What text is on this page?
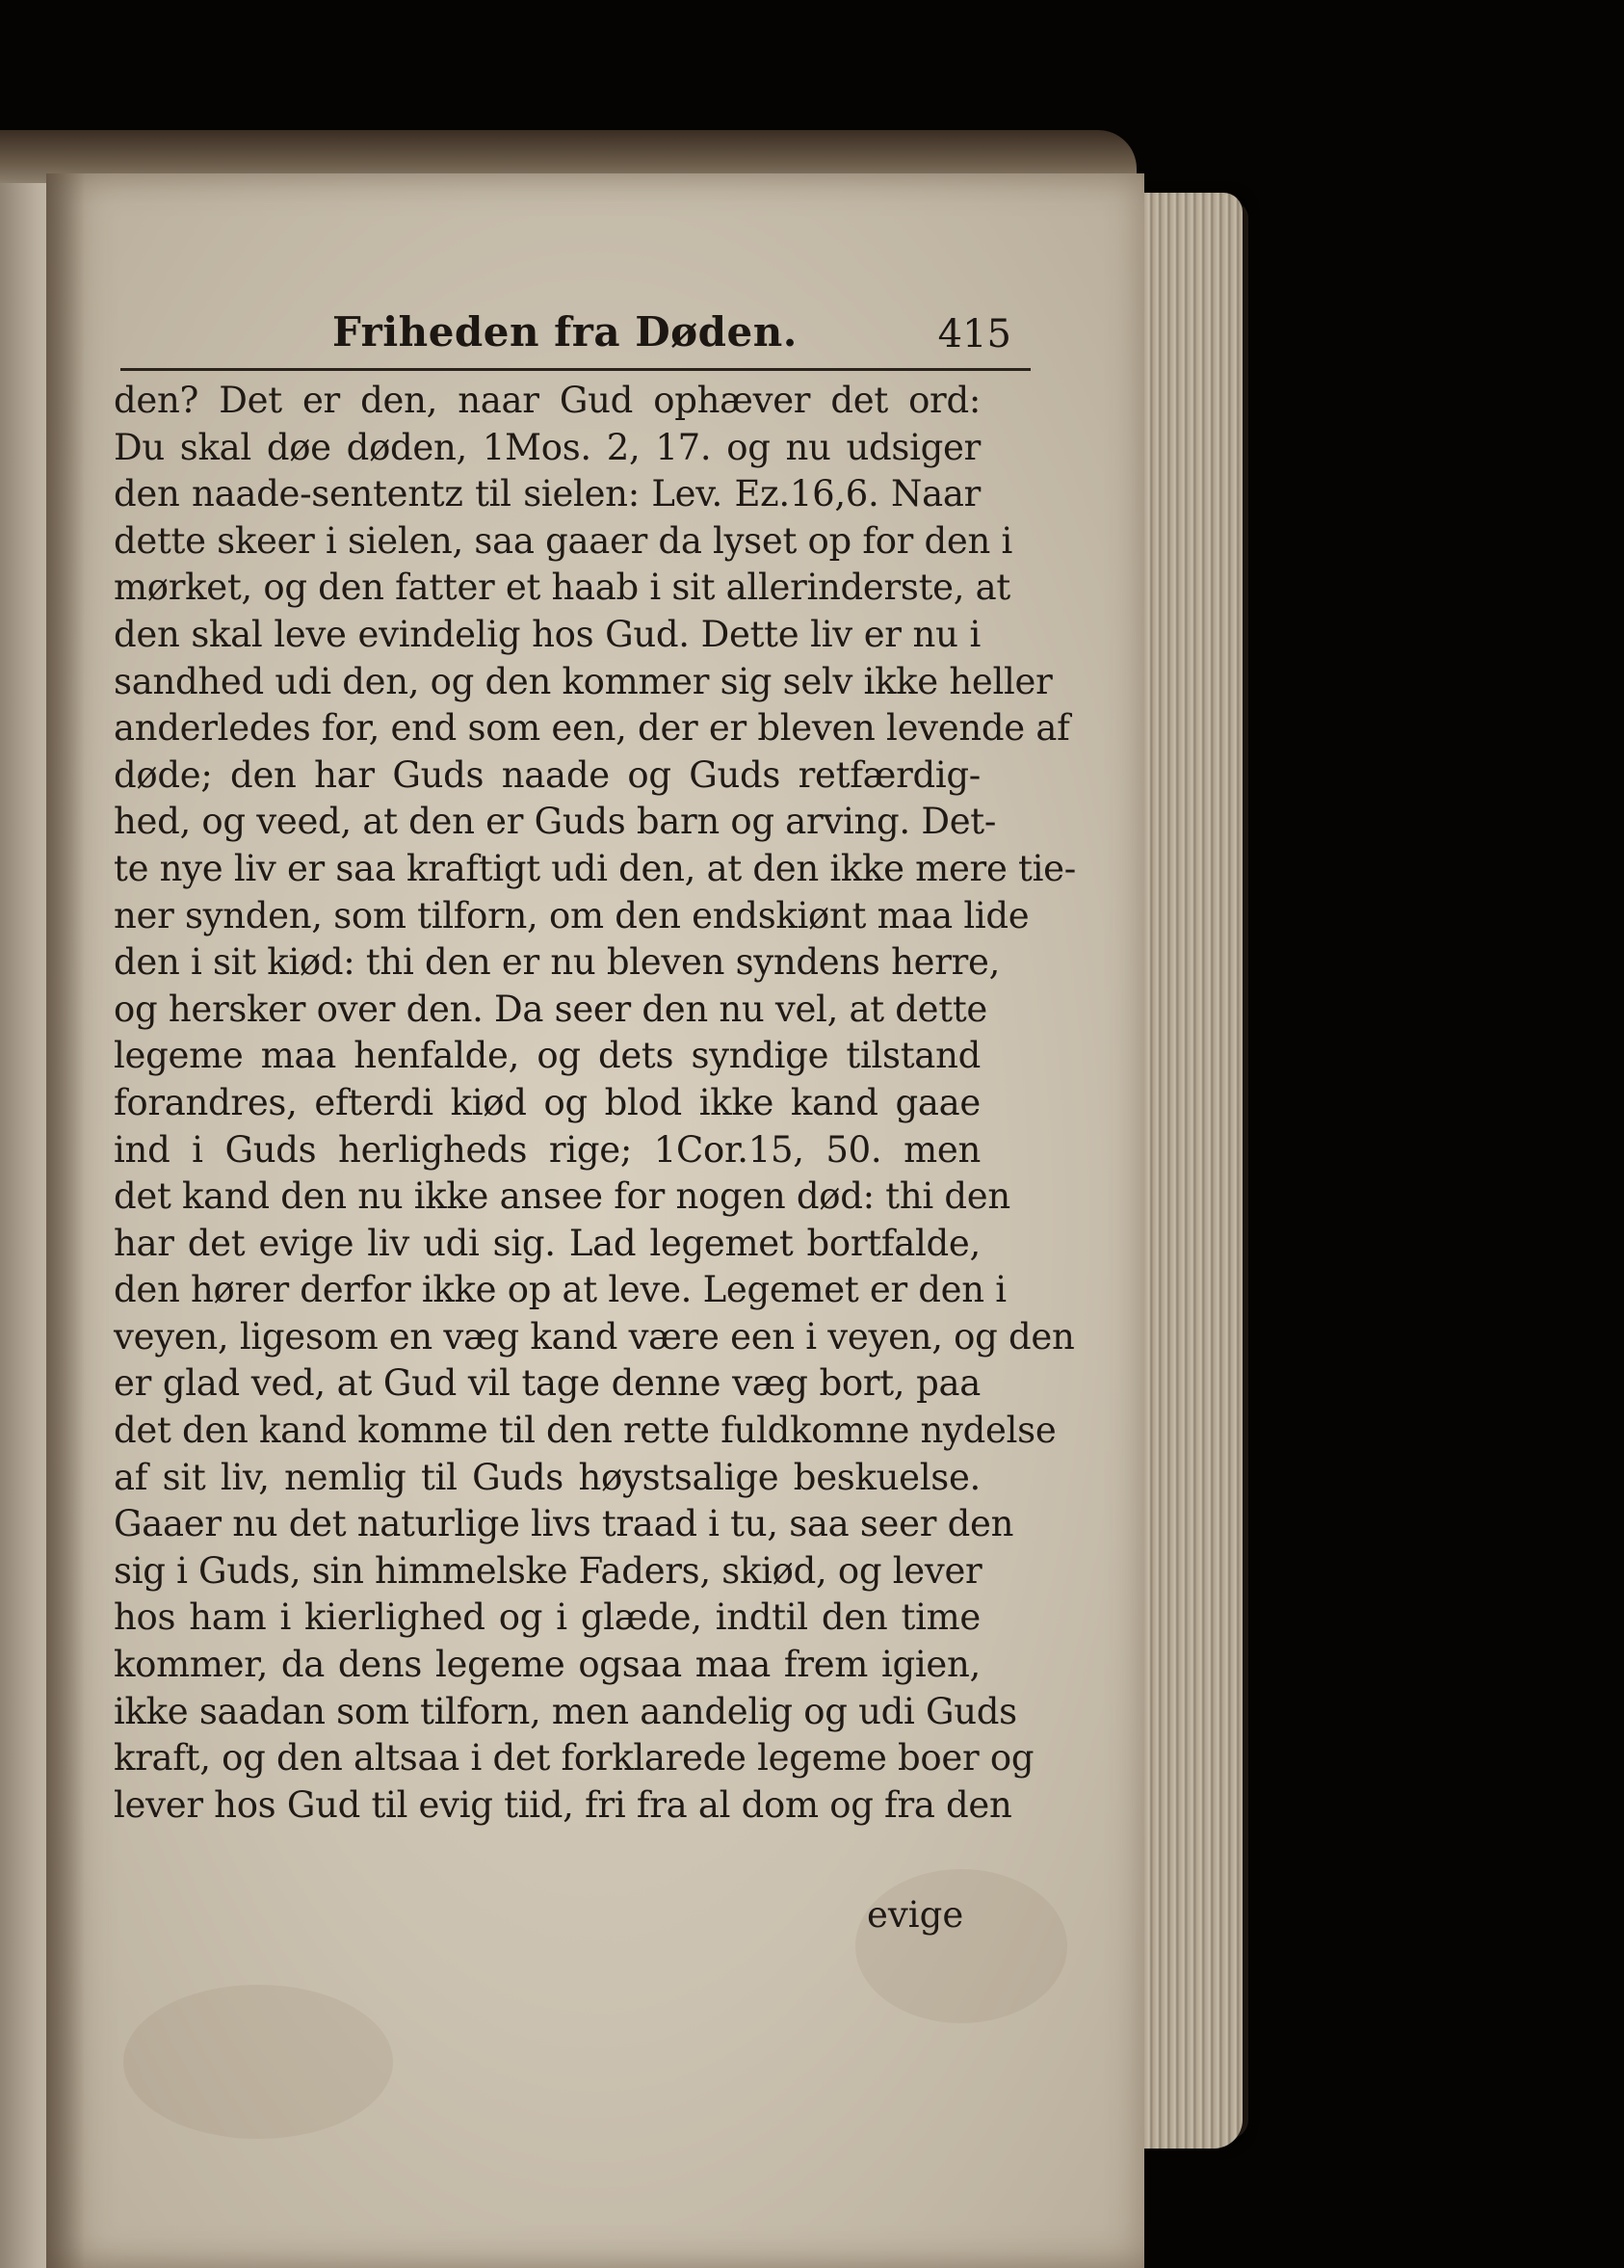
Friheden fra Døden.	415
den? Det er den, naar Gud ophæver det ord:
Du skal døe døden, 1Mos. 2, 17. og nu udsiger
den naade-sententz til sielen: Lev. Ez.16,6. Naar
dette skeer i sielen, saa gaaer da lyset op for den i
mørket, og den fatter et haab i sit allerinderste, at
den skal leve evindelig hos Gud. Dette liv er nu i
sandhed udi den, og den kommer sig selv ikke heller
anderledes for, end som een, der er bleven levende af
døde; den har Guds naade og Guds retfærdig-
hed, og veed, at den er Guds barn og arving. Det-
te nye liv er saa kraftigt udi den, at den ikke mere tie-
ner synden, som tilforn, om den endskiønt maa lide
den i sit kiød: thi den er nu bleven syndens herre,
og hersker over den. Da seer den nu vel, at dette
legeme maa henfalde, og dets syndige tilstand
forandres, efterdi kiød og blod ikke kand gaae
ind i Guds herligheds rige; 1Cor.15, 50. men
det kand den nu ikke ansee for nogen død: thi den
har det evige liv udi sig. Lad legemet bortfalde,
den hører derfor ikke op at leve. Legemet er den i
veyen, ligesom en væg kand være een i veyen, og den
er glad ved, at Gud vil tage denne væg bort, paa
det den kand komme til den rette fuldkomne nydelse
af sit liv, nemlig til Guds høystsalige beskuelse.
Gaaer nu det naturlige livs traad i tu, saa seer den
sig i Guds, sin himmelske Faders, skiød, og lever
hos ham i kierlighed og i glæde, indtil den time
kommer, da dens legeme ogsaa maa frem igien,
ikke saadan som tilforn, men aandelig og udi Guds
kraft, og den altsaa i det forklarede legeme boer og
lever hos Gud til evig tiid, fri fra al dom og fra den
evige
